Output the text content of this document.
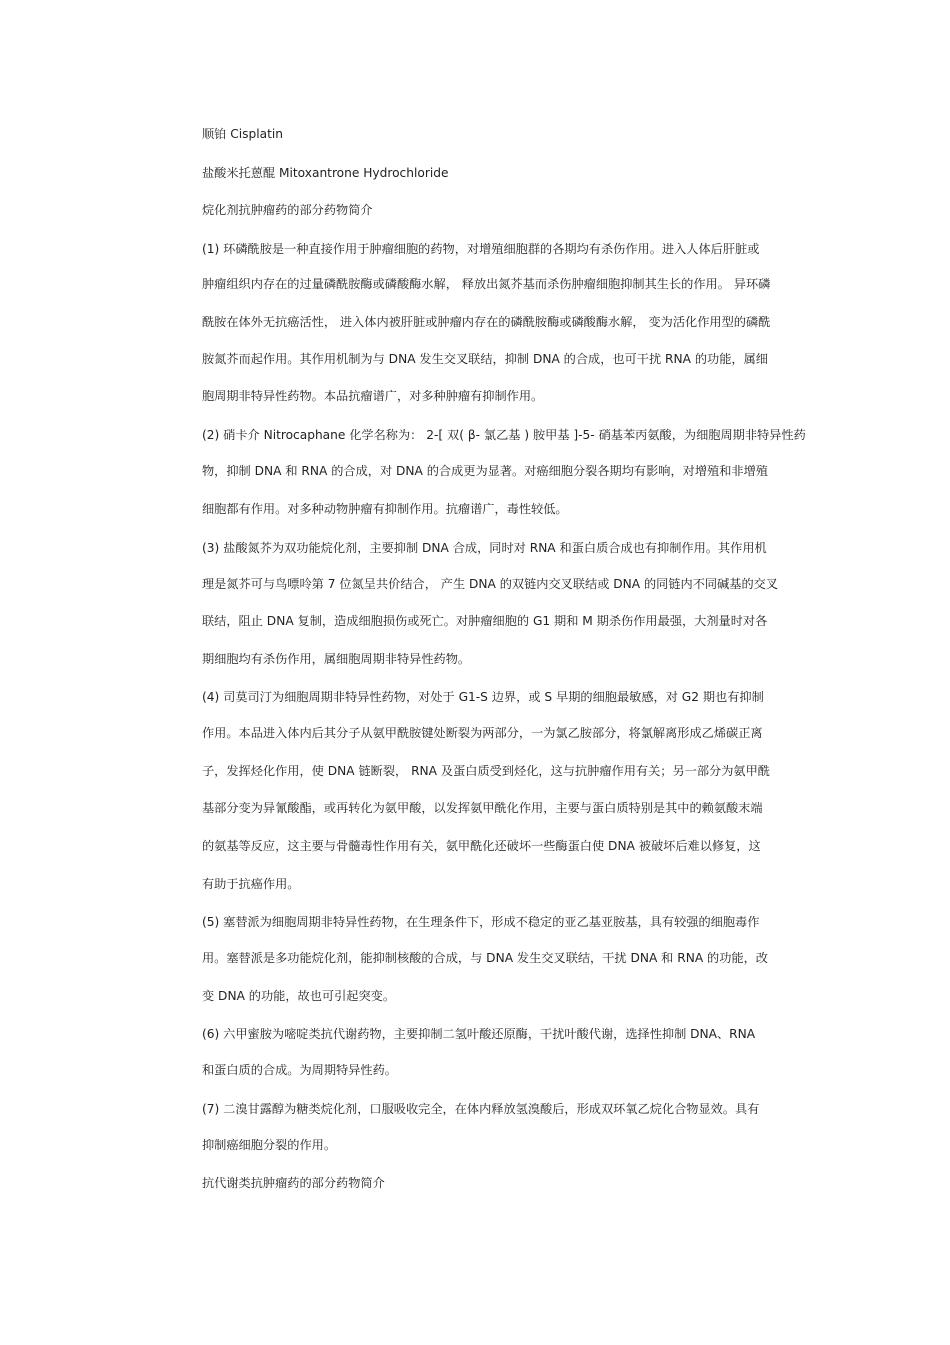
顺铂 Cisplatin
盐酸米托蒽醌 Mitoxantrone Hydrochloride
烷化剂抗肿瘤药的部分药物简介
(1) 环磷酰胺是一种直接作用于肿瘤细胞的药物，对增殖细胞群的各期均有杀伤作用。进入人体后肝脏或
肿瘤组织内存在的过量磷酰胺酶或磷酸酶水解， 释放出氮芥基而杀伤肿瘤细胞抑制其生长的作用。 异环磷
酰胺在体外无抗癌活性， 进入体内被肝脏或肿瘤内存在的磷酰胺酶或磷酸酶水解， 变为活化作用型的磷酰
胺氮芥而起作用。其作用机制为与 DNA 发生交叉联结，抑制 DNA 的合成，也可干扰 RNA 的功能，属细
胞周期非特异性药物。本品抗瘤谱广，对多种肿瘤有抑制作用。
(2) 硝卡介 Nitrocaphane 化学名称为： 2-[ 双( β- 氯乙基 ) 胺甲基 ]-5- 硝基苯丙氨酸，为细胞周期非特异性药
物，抑制 DNA 和 RNA 的合成，对 DNA 的合成更为显著。对癌细胞分裂各期均有影响，对增殖和非增殖
细胞都有作用。对多种动物肿瘤有抑制作用。抗瘤谱广，毒性较低。
(3) 盐酸氮芥为双功能烷化剂，主要抑制 DNA 合成，同时对 RNA 和蛋白质合成也有抑制作用。其作用机
理是氮芥可与鸟嘌呤第 7 位氮呈共价结合， 产生 DNA 的双链内交叉联结或 DNA 的同链内不同碱基的交叉
联结，阻止 DNA 复制，造成细胞损伤或死亡。对肿瘤细胞的 G1 期和 M 期杀伤作用最强，大剂量时对各
期细胞均有杀伤作用，属细胞周期非特异性药物。
(4) 司莫司汀为细胞周期非特异性药物，对处于 G1-S 边界，或 S 早期的细胞最敏感，对 G2 期也有抑制
作用。本品进入体内后其分子从氨甲酰胺键处断裂为两部分，一为氯乙胺部分，将氯解离形成乙烯碳正离
子，发挥烃化作用，使 DNA 链断裂， RNA 及蛋白质受到烃化，这与抗肿瘤作用有关；另一部分为氨甲酰
基部分变为异氰酸酯，或再转化为氨甲酸，以发挥氨甲酰化作用，主要与蛋白质特别是其中的赖氨酸末端
的氨基等反应，这主要与骨髓毒性作用有关，氨甲酰化还破坏一些酶蛋白使 DNA 被破坏后难以修复，这
有助于抗癌作用。
(5) 塞替派为细胞周期非特异性药物，在生理条件下，形成不稳定的亚乙基亚胺基，具有较强的细胞毒作
用。塞替派是多功能烷化剂，能抑制核酸的合成，与 DNA 发生交叉联结，干扰 DNA 和 RNA 的功能，改
变 DNA 的功能，故也可引起突变。
(6) 六甲蜜胺为嘧啶类抗代谢药物，主要抑制二氢叶酸还原酶，干扰叶酸代谢，选择性抑制 DNA、RNA
和蛋白质的合成。为周期特异性药。
(7) 二溴甘露醇为糖类烷化剂，口服吸收完全，在体内释放氢溴酸后，形成双环氧乙烷化合物显效。具有
抑制癌细胞分裂的作用。
抗代谢类抗肿瘤药的部分药物简介
